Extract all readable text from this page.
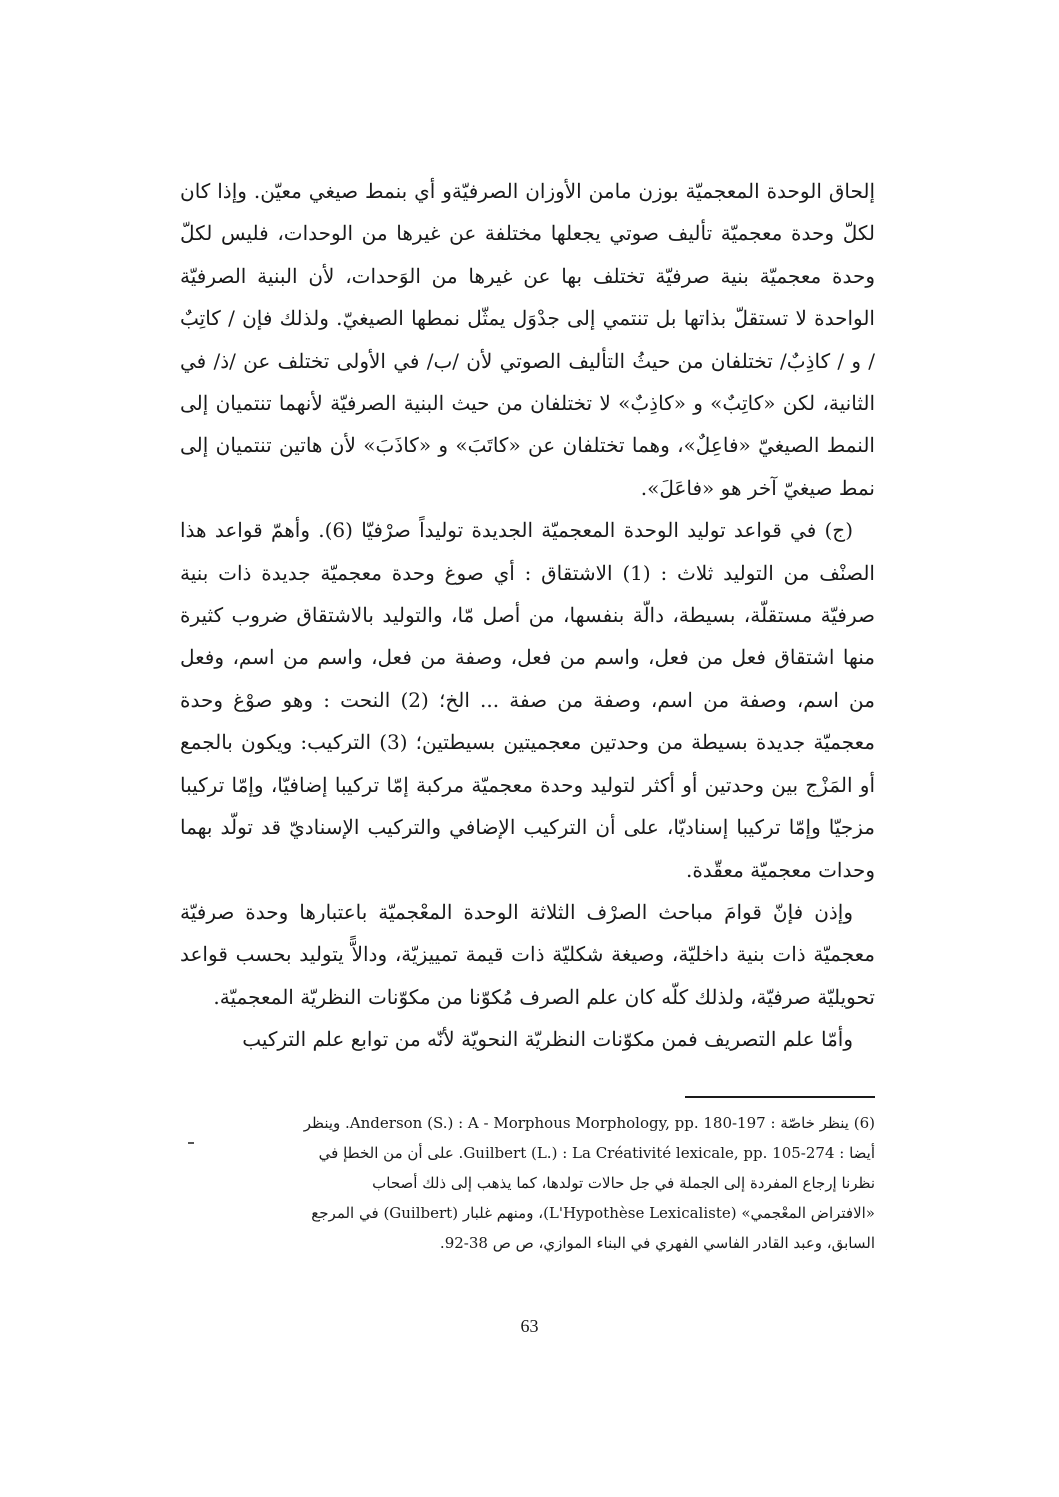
إلحاق الوحدة المعجميّة بوزن مامن الأوزان الصرفيّةو أي بنمط صيغي معيّن. وإذا كان لكلّ وحدة معجميّة تأليف صوتي يجعلها مختلفة عن غيرها من الوحدات، فليس لكلّ وحدة معجميّة بنية صرفيّة تختلف بها عن غيرها من الوَحدات، لأن البنية الصرفيّة الواحدة لا تستقلّ بذاتها بل تنتمي إلى جدْوَل يمثّل نمطها الصيغيّ. ولذلك فإن / كاتِبٌ / و / كاذِبٌ/ تختلفان من حيثُ التأليف الصوتي لأن /ب/ في الأولى تختلف عن /ذ/ في الثانية، لكن «كاتِبٌ» و «كاذِبٌ» لا تختلفان من حيث البنية الصرفيّة لأنهما تنتميان إلى النمط الصيغيّ «فاعِلٌ»، وهما تختلفان عن «كاتَبَ» و «كاذَبَ» لأن هاتين تنتميان إلى نمط صيغيّ آخر هو «فاعَلَ».

(ج) في قواعد توليد الوحدة المعجميّة الجديدة توليداً صرْفيّا (6). وأهمّ قواعد هذا الصنْف من التوليد ثلاث : (1) الاشتقاق : أي صوغ وحدة معجميّة جديدة ذات بنية صرفيّة مستقلّة، بسيطة، دالّة بنفسها، من أصل مّا، والتوليد بالاشتقاق ضروب كثيرة منها اشتقاق فعل من فعل، واسم من فعل، وصفة من فعل، واسم من اسم، وفعل من اسم، وصفة من اسم، وصفة من صفة ... الخ؛ (2) النحت : وهو صوْغ وحدة معجميّة جديدة بسيطة من وحدتين معجميتين بسيطتين؛ (3) التركيب: ويكون بالجمع أو المَزْج بين وحدتين أو أكثر لتوليد وحدة معجميّة مركبة إمّا تركيبا إضافيّا، وإمّا تركيبا مزجيّا وإمّا تركيبا إسناديّا، على أن التركيب الإضافي والتركيب الإسناديّ قد تولّد بهما وحدات معجميّة معقّدة.

وإذن فإنّ قوامَ مباحث الصرْف الثلاثة الوحدة المعْجميّة باعتبارها وحدة صرفيّة معجميّة ذات بنية داخليّة، وصيغة شكليّة ذات قيمة تمييزيّة، ودالاًّ يتوليد بحسب قواعد تحويليّة صرفيّة، ولذلك كلّه كان علم الصرف مُكوّنا من مكوّنات النظريّة المعجميّة.

وأمّا علم التصريف فمن مكوّنات النظريّة النحويّة لأنّه من توابع علم التركيب

(6) ينظر خاصّة : Anderson (S.) : A - Morphous Morphology, pp. 180-197. وينظر

أيضا : Guilbert (L.) : La Créativité lexicale, pp. 105-274. على أن من الخطإ في

نظرنا إرجاع المفردة إلى الجملة في جل حالات تولدها، كما يذهب إلى ذلك أصحاب

«الافتراض المعْجمي» (L'Hypothèse Lexicaliste)، ومنهم غلبار (Guilbert) في المرجع

السابق، وعبد القادر الفاسي الفهري في البناء الموازي، ص ص 38-92.

63
